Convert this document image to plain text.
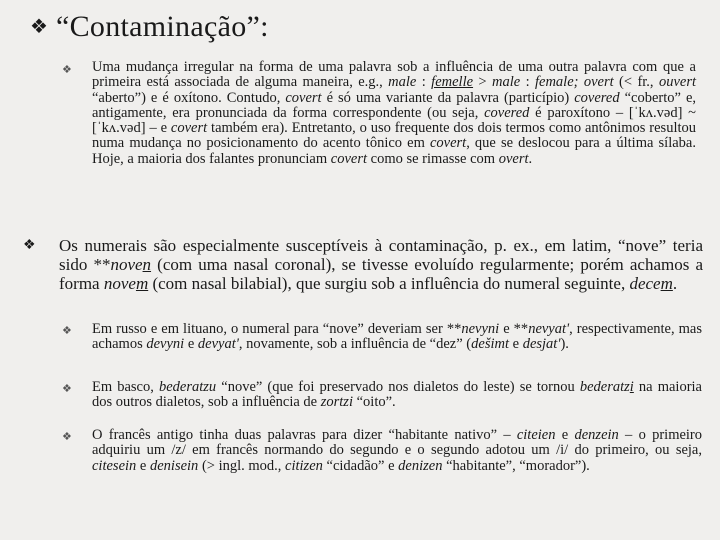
❖ “Contaminação”:
❖	Uma mudança irregular na forma de uma palavra sob a influência de uma outra palavra com que a primeira está associada de alguma maneira, e.g., male : femelle > male : female; overt (< fr., ouvert “aberto”) e é oxítono. Contudo, covert é só uma variante da palavra (particípio) covered “coberto” e, antigamente, era pronunciada da forma correspondente (ou seja, covered é paroxítono – [ˈkʌ.vəd] ~ [ˈkʌ.vəd] – e covert também era). Entretanto, o uso frequente dos dois termos como antônimos resultou numa mudança no posicionamento do acento tônico em covert, que se deslocou para a última sílaba. Hoje, a maioria dos falantes pronunciam covert como se rimasse com overt.
❖	Os numerais são especialmente susceptíveis à contaminação, p. ex., em latim, “nove” teria sido **noven (com uma nasal coronal), se tivesse evoluído regularmente; porém achamos a forma novem (com nasal bilabial), que surgiu sob a influência do numeral seguinte, decem.
❖	Em russo e em lituano, o numeral para “nove” deveriam ser **nevyni e **nevyat', respectivamente, mas achamos devyni e devyat', novamente, sob a influência de “dez” (dešimt e desjat').
❖	Em basco, bederatzu “nove” (que foi preservado nos dialetos do leste) se tornou bederatzi na maioria dos outros dialetos, sob a influência de zortzi “oito”.
❖	O francês antigo tinha duas palavras para dizer “habitante nativo” – citeien e denzein – o primeiro adquiriu um /z/ em francês normando do segundo e o segundo adotou um /i/ do primeiro, ou seja, citesein e denisein (> ingl. mod., citizen “cidadão” e denizen “habitante”, “morador”).
